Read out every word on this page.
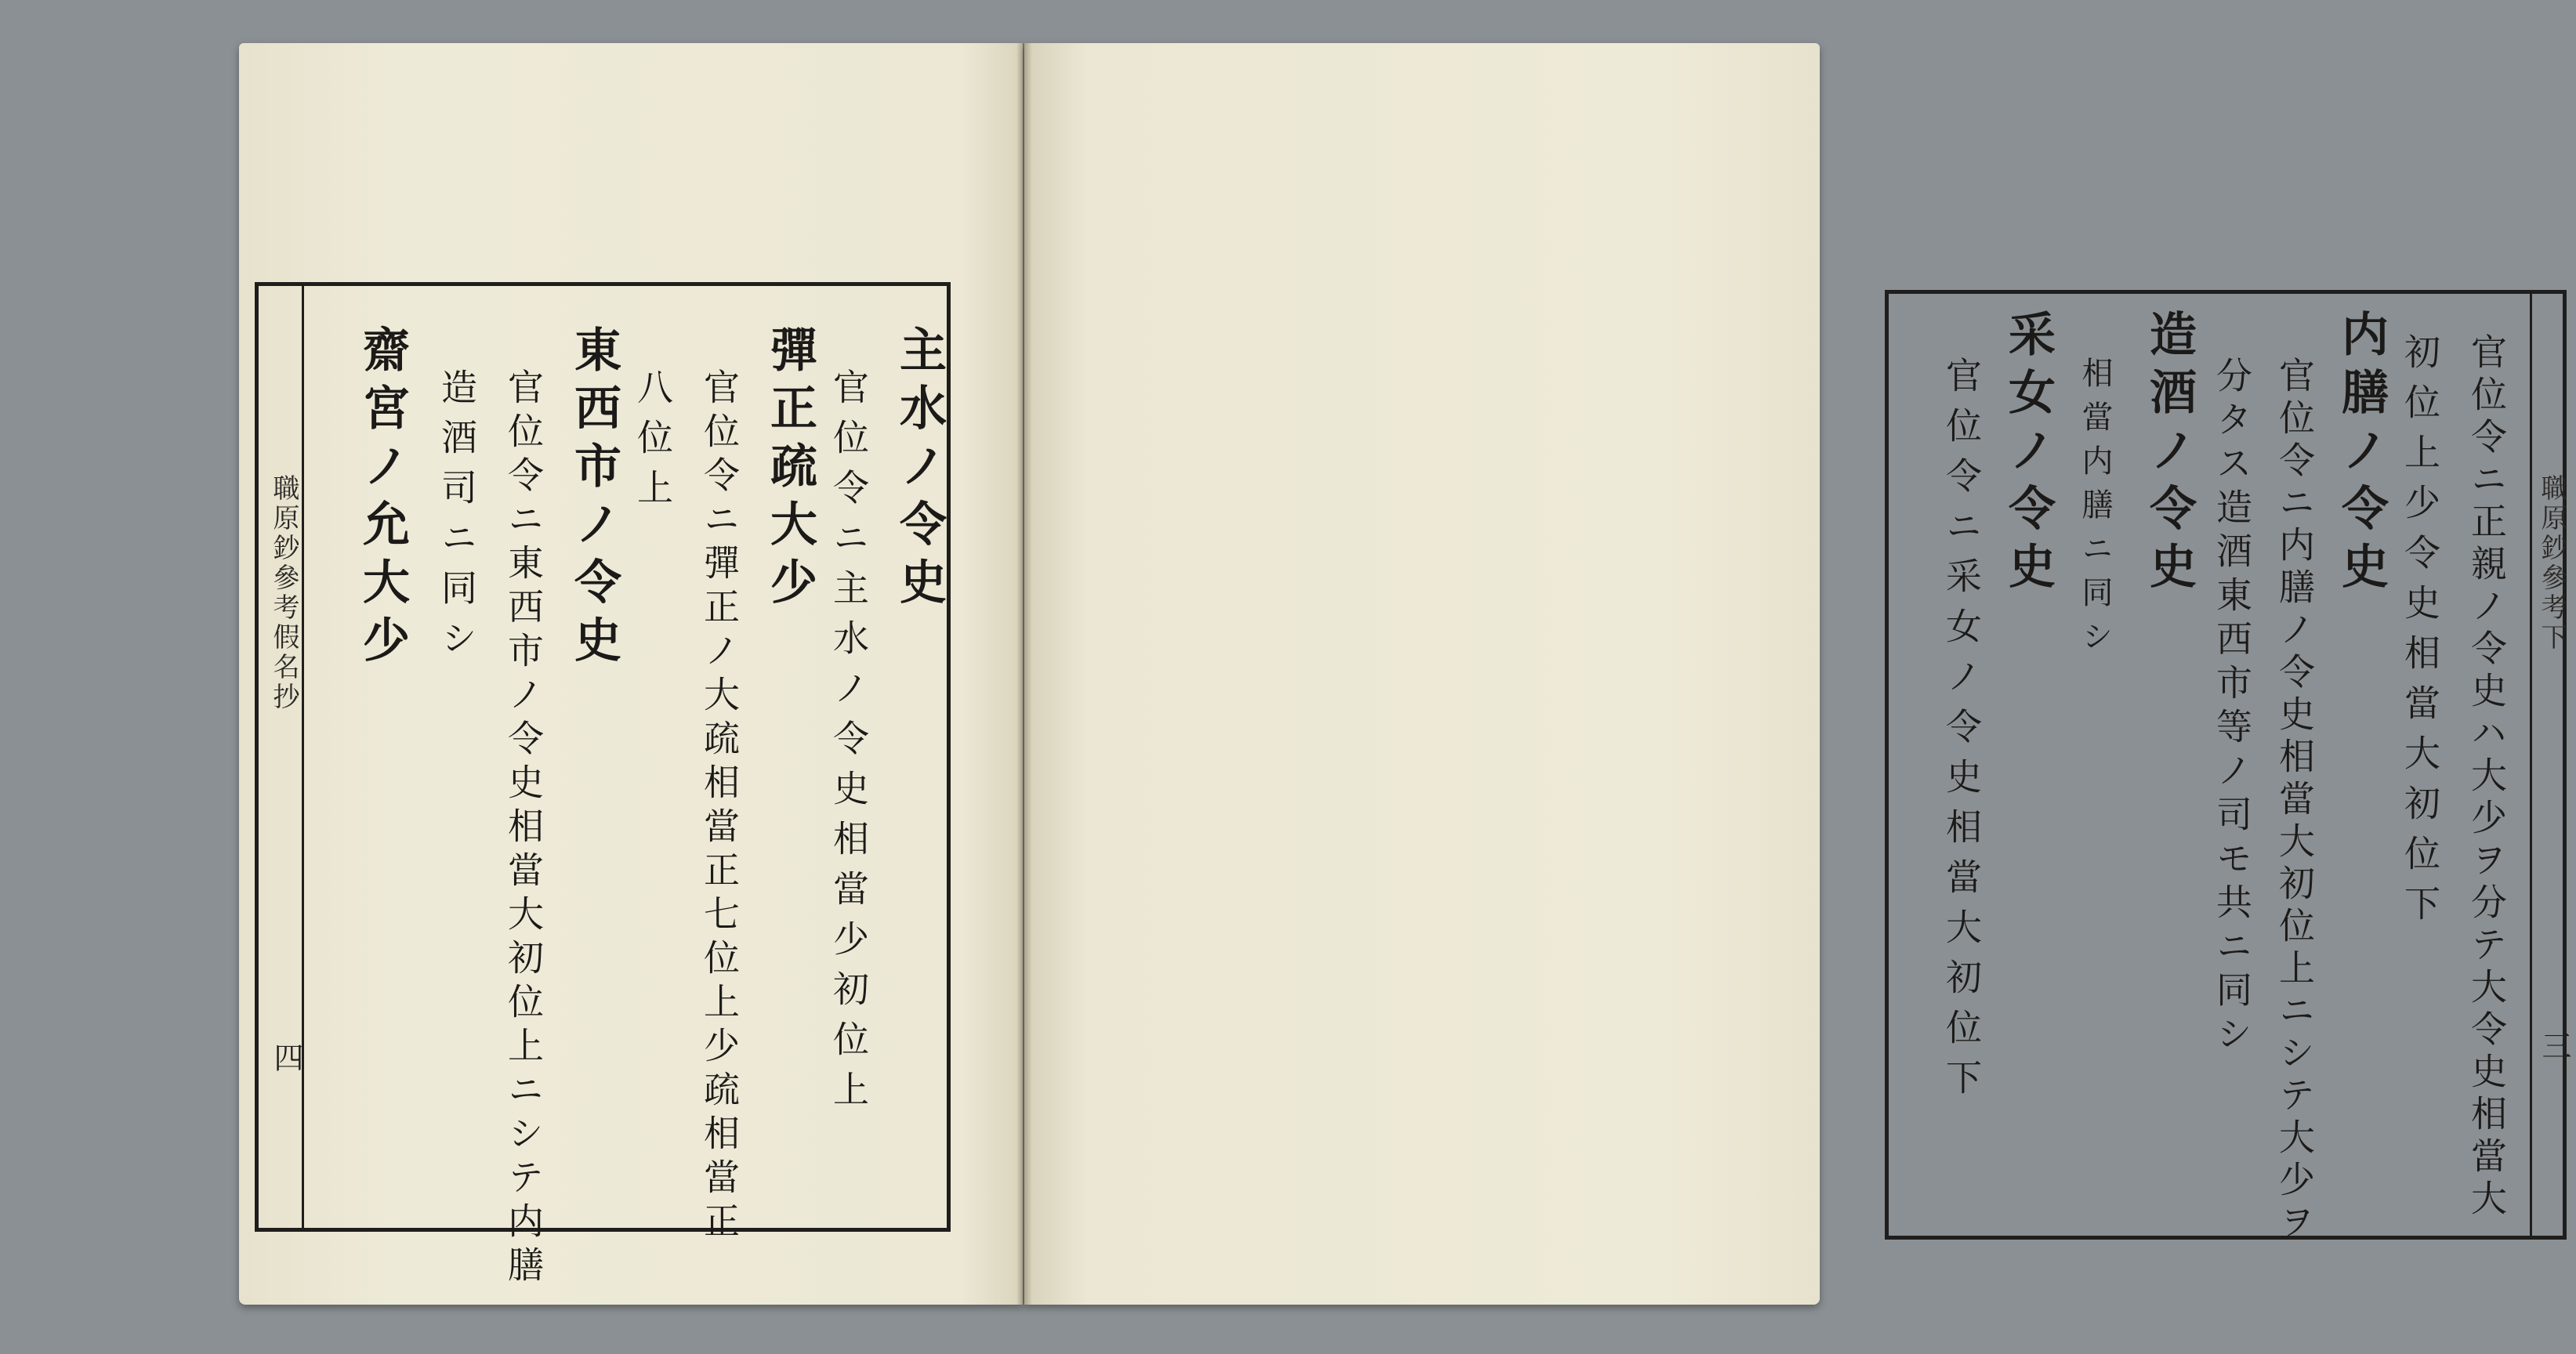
職原鈔參考假名抄
四
主水ノ令史
官位令ニ主水ノ令史相當少初位上
彈正疏大少
官位令ニ彈正ノ大疏相當正七位上少疏相當正
八位上
東西市ノ令史
官位令ニ東西市ノ令史相當大初位上ニシテ内膳
造酒司ニ同シ
齋宮ノ允大少	職原鈔參考下
三
官位令ニ正親ノ令史ハ大少ヲ分テ大令史相當大
初位上少令史相當大初位下
内膳ノ令史
官位令ニ内膳ノ令史相當大初位上ニシテ大少ヲ
分タス造酒東西市等ノ司モ共ニ同シ
造酒ノ令史
相當内膳ニ同シ
采女ノ令史
官位令ニ采女ノ令史相當大初位下
